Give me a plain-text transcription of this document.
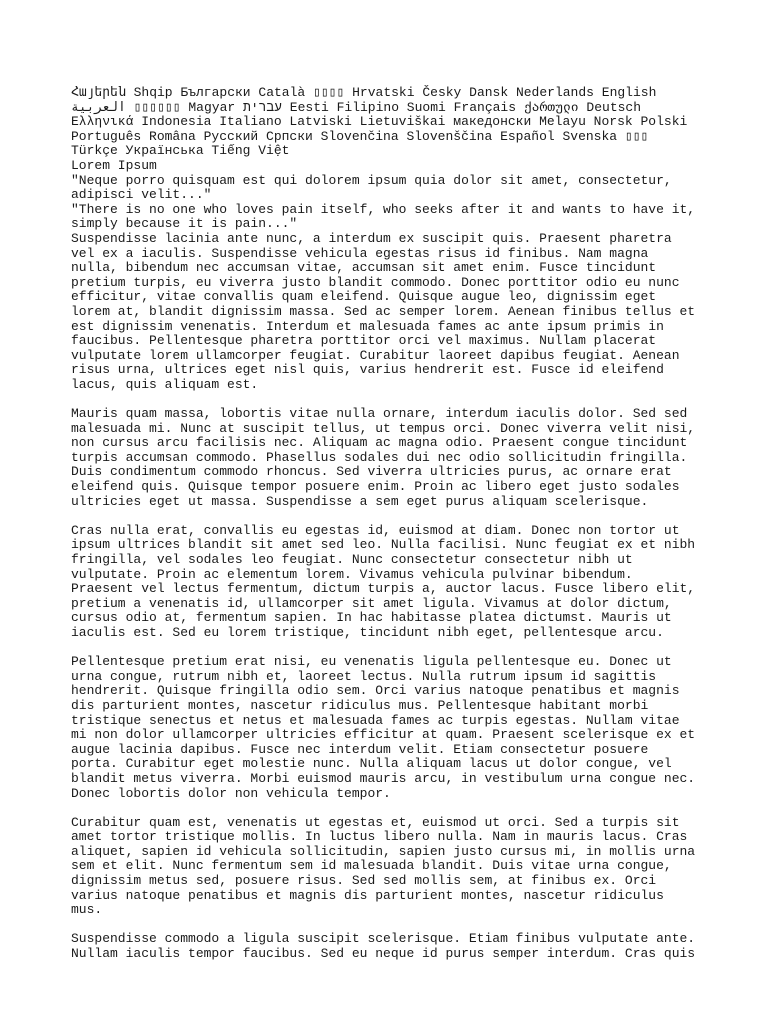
Հայերեն Shqip Български Català ▯▯▯▯ Hrvatski Česky Dansk Nederlands English العربية ▯▯▯▯▯▯ Magyar עברית Eesti Filipino Suomi Français ქართული Deutsch Ελληνικά Indonesia Italiano Latviski Lietuviškai македонски Melayu Norsk Polski Português Româna Русский Српски Slovenčina Slovenščina Español Svenska ▯▯▯ Türkçe Українська Tiếng Việt
Lorem Ipsum
"Neque porro quisquam est qui dolorem ipsum quia dolor sit amet, consectetur, adipisci velit..."
"There is no one who loves pain itself, who seeks after it and wants to have it, simply because it is pain..."

Suspendisse lacinia ante nunc, a interdum ex suscipit quis. Praesent pharetra vel ex a iaculis. Suspendisse vehicula egestas risus id finibus. Nam magna nulla, bibendum nec accumsan vitae, accumsan sit amet enim. Fusce tincidunt pretium turpis, eu viverra justo blandit commodo. Donec porttitor odio eu nunc efficitur, vitae convallis quam eleifend. Quisque augue leo, dignissim eget lorem at, blandit dignissim massa. Sed ac semper lorem. Aenean finibus tellus et est dignissim venenatis. Interdum et malesuada fames ac ante ipsum primis in faucibus. Pellentesque pharetra porttitor orci vel maximus. Nullam placerat vulputate lorem ullamcorper feugiat. Curabitur laoreet dapibus feugiat. Aenean risus urna, ultrices eget nisl quis, varius hendrerit est. Fusce id eleifend lacus, quis aliquam est.

Mauris quam massa, lobortis vitae nulla ornare, interdum iaculis dolor. Sed sed malesuada mi. Nunc at suscipit tellus, ut tempus orci. Donec viverra velit nisi, non cursus arcu facilisis nec. Aliquam ac magna odio. Praesent congue tincidunt turpis accumsan commodo. Phasellus sodales dui nec odio sollicitudin fringilla. Duis condimentum commodo rhoncus. Sed viverra ultricies purus, ac ornare erat eleifend quis. Quisque tempor posuere enim. Proin ac libero eget justo sodales ultricies eget ut massa. Suspendisse a sem eget purus aliquam scelerisque.

Cras nulla erat, convallis eu egestas id, euismod at diam. Donec non tortor ut ipsum ultrices blandit sit amet sed leo. Nulla facilisi. Nunc feugiat ex et nibh fringilla, vel sodales leo feugiat. Nunc consectetur consectetur nibh ut vulputate. Proin ac elementum lorem. Vivamus vehicula pulvinar bibendum. Praesent vel lectus fermentum, dictum turpis a, auctor lacus. Fusce libero elit, pretium a venenatis id, ullamcorper sit amet ligula. Vivamus at dolor dictum, cursus odio at, fermentum sapien. In hac habitasse platea dictumst. Mauris ut iaculis est. Sed eu lorem tristique, tincidunt nibh eget, pellentesque arcu.

Pellentesque pretium erat nisi, eu venenatis ligula pellentesque eu. Donec ut urna congue, rutrum nibh et, laoreet lectus. Nulla rutrum ipsum id sagittis hendrerit. Quisque fringilla odio sem. Orci varius natoque penatibus et magnis dis parturient montes, nascetur ridiculus mus. Pellentesque habitant morbi tristique senectus et netus et malesuada fames ac turpis egestas. Nullam vitae mi non dolor ullamcorper ultricies efficitur at quam. Praesent scelerisque ex et augue lacinia dapibus. Fusce nec interdum velit. Etiam consectetur posuere porta. Curabitur eget molestie nunc. Nulla aliquam lacus ut dolor congue, vel blandit metus viverra. Morbi euismod mauris arcu, in vestibulum urna congue nec. Donec lobortis dolor non vehicula tempor.

Curabitur quam est, venenatis ut egestas et, euismod ut orci. Sed a turpis sit amet tortor tristique mollis. In luctus libero nulla. Nam in mauris lacus. Cras aliquet, sapien id vehicula sollicitudin, sapien justo cursus mi, in mollis urna sem et elit. Nunc fermentum sem id malesuada blandit. Duis vitae urna congue, dignissim metus sed, posuere risus. Sed sed mollis sem, at finibus ex. Orci varius natoque penatibus et magnis dis parturient montes, nascetur ridiculus mus.

Suspendisse commodo a ligula suscipit scelerisque. Etiam finibus vulputate ante. Nullam iaculis tempor faucibus. Sed eu neque id purus semper interdum. Cras quis
